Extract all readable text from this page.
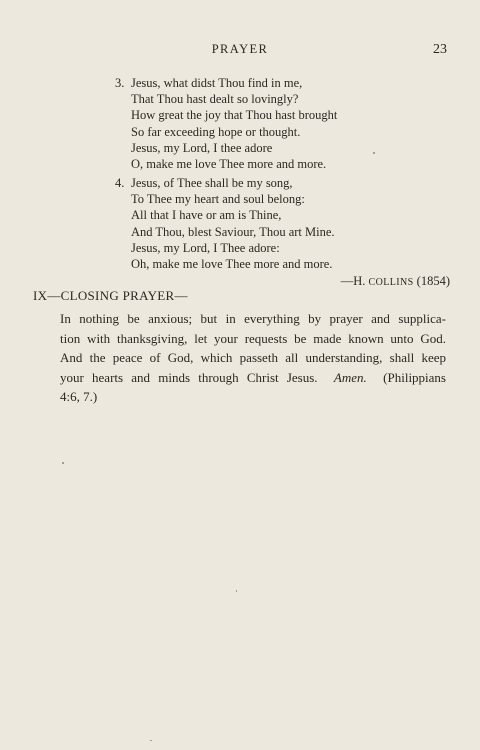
PRAYER	23
3. Jesus, what didst Thou find in me,
That Thou hast dealt so lovingly?
How great the joy that Thou hast brought
So far exceeding hope or thought.
Jesus, my Lord, I thee adore
O, make me love Thee more and more.
4. Jesus, of Thee shall be my song,
To Thee my heart and soul belong:
All that I have or am is Thine,
And Thou, blest Saviour, Thou art Mine.
Jesus, my Lord, I Thee adore:
Oh, make me love Thee more and more.
—H. COLLINS (1854)
IX—CLOSING PRAYER—
In nothing be anxious; but in everything by prayer and supplica-
tion with thanksgiving, let your requests be made known unto God.
And the peace of God, which passeth all understanding, shall keep
your hearts and minds through Christ Jesus. Amen. (Philippians
4:6, 7.)
